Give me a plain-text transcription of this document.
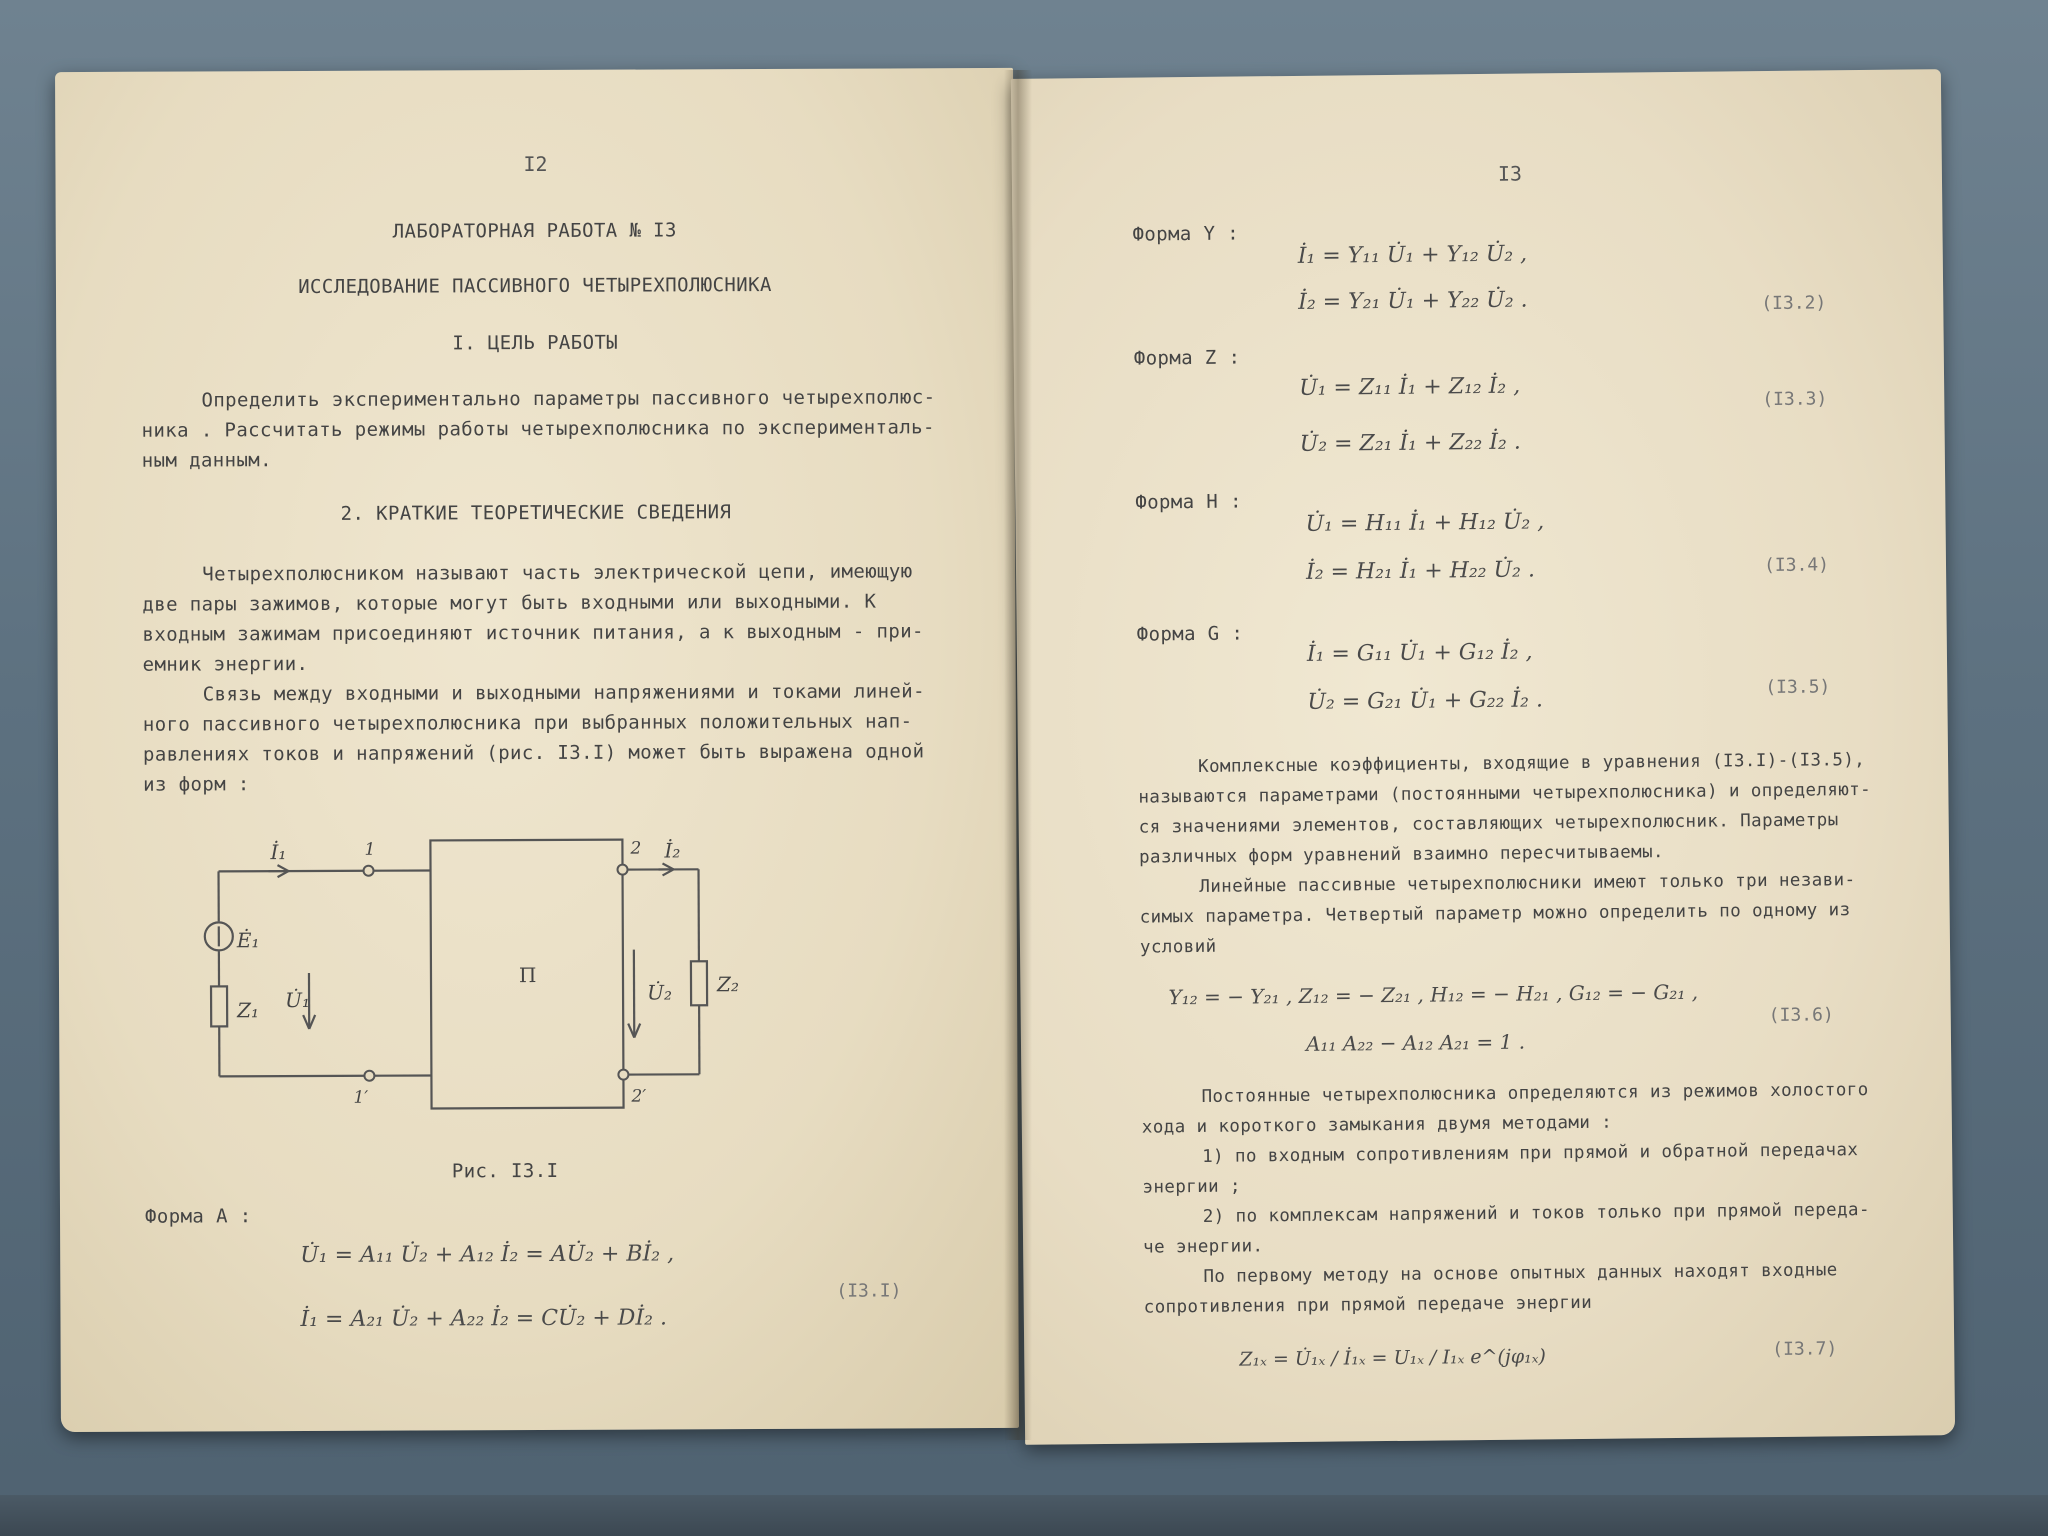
I2
ЛАБОРАТОРНАЯ РАБОТА № I3
ИССЛЕДОВАНИЕ ПАССИВНОГО ЧЕТЫРЕХПОЛЮСНИКА
I. ЦЕЛЬ РАБОТЫ
Определить экспериментально параметры пассивного четырехполюс-
ника . Рассчитать режимы работы четырехполюсника по эксперименталь-
ным данным.
2. КРАТКИЕ ТЕОРЕТИЧЕСКИЕ СВЕДЕНИЯ
Четырехполюсником называют часть электрической цепи, имеющую
две пары зажимов, которые могут быть входными или выходными. К
входным зажимам присоединяют источник питания, а к выходным - при-
емник энергии.
Связь между входными и выходными напряжениями и токами линей-
ного пассивного четырехполюсника при выбранных положительных нап-
равлениях токов и напряжений (рис. I3.I) может быть выражена одной
из форм :
Ė₁
Z₁
İ₁
U̇₁
П
1
1′
2
2′
İ₂
U̇₂ Z₂
Рис. I3.I
Форма А :
U̇₁ = A₁₁ U̇₂ + A₁₂ İ₂ = AU̇₂ + Bİ₂ ,
İ₁ = A₂₁ U̇₂ + A₂₂ İ₂ = CU̇₂ + Dİ₂ .
(I3.I)
I3
Форма Y :
İ₁ = Y₁₁ U̇₁ + Y₁₂ U̇₂ ,
İ₂ = Y₂₁ U̇₁ + Y₂₂ U̇₂ .	(I3.2)
Форма Z :
U̇₁ = Z₁₁ İ₁ + Z₁₂ İ₂ ,
U̇₂ = Z₂₁ İ₁ + Z₂₂ İ₂ .
(I3.3)
Форма H :
U̇₁ = H₁₁ İ₁ + H₁₂ U̇₂ ,
İ₂ = H₂₁ İ₁ + H₂₂ U̇₂ .	(I3.4)
Форма G :
İ₁ = G₁₁ U̇₁ + G₁₂ İ₂ ,
U̇₂ = G₂₁ U̇₁ + G₂₂ İ₂ .
(I3.5)
Комплексные коэффициенты, входящие в уравнения (I3.I)-(I3.5),
называются параметрами (постоянными четырехполюсника) и определяют-
ся значениями элементов, составляющих четырехполюсник. Параметры
различных форм уравнений взаимно пересчитываемы.
Линейные пассивные четырехполюсники имеют только три незави-
симых параметра. Четвертый параметр можно определить по одному из
условий
Y₁₂ = − Y₂₁ , Z₁₂ = − Z₂₁ , H₁₂ = − H₂₁ , G₁₂ = − G₂₁ ,
A₁₁ A₂₂ − A₁₂ A₂₁ = 1 .
(I3.6)
Постоянные четырехполюсника определяются из режимов холостого
хода и короткого замыкания двумя методами :
1) по входным сопротивлениям при прямой и обратной передачах
энергии ;
2) по комплексам напряжений и токов только при прямой переда-
че энергии.
По первому методу на основе опытных данных находят входные
сопротивления при прямой передаче энергии
Z₁ₓ = U̇₁ₓ / İ₁ₓ = U₁ₓ / I₁ₓ e^(jφ₁ₓ)	(I3.7)
